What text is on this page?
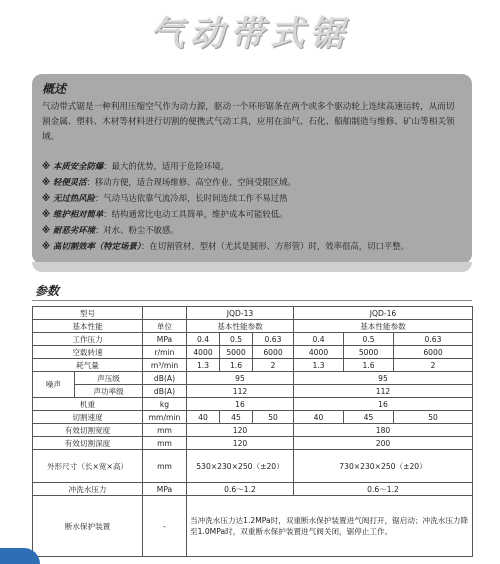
气动带式锯
概述
气动带式锯是一种利用压缩空气作为动力源，驱动一个环形锯条在两个或多个驱动轮上连续高速运转，从而切割金属、塑料、木材等材料进行切割的便携式气动工具，应用在油气、石化、船舶制造与维修、矿山等相关领域。
※ 本质安全防爆：最大的优势，适用于危险环境。
※ 轻便灵活：移动方便，适合现场维修、高空作业、空间受限区域。
※ 无过热风险：气动马达依靠气流冷却，长时间连续工作不易过热
※ 维护相对简单：结构通常比电动工具简单，维护成本可能较低。
※ 耐恶劣环境：对水、粉尘不敏感。
※ 高切割效率（特定场景）：在切割管材、型材（尤其是圆形、方形管）时，效率很高，切口平整。
参数
型号			JQD-13			JQD-16		
基本性能		单位	基本性能参数			基本性能参数		
工作压力		MPa	0.4	0.5	0.63	0.4	0.5	0.63
空载转速		r/min	4000	5000	6000	4000	5000	6000
耗气量		m³/min	1.3	1.6	2	1.3	1.6	2
噪声	声压级	dB(A)	95			95		
	声功率级	dB(A)	112			112		
机重		kg	16			16		
切割速度		mm/min	40	45	50	40	45	50
有效切割宽度		mm	120			180		
有效切割深度		mm	120			200		
外形尺寸（长×宽×高）		mm	530×230×250（±20）			730×230×250（±20）		
冲洗水压力		MPa	0.6～1.2			0.6～1.2		
断水保护装置		-	当冲洗水压力达1.2MPa时，双重断水保护装置进气阀打开，锯启动；冲洗水压力降至1.0MPa时，双重断水保护装置进气阀关闭，锯停止工作。					
